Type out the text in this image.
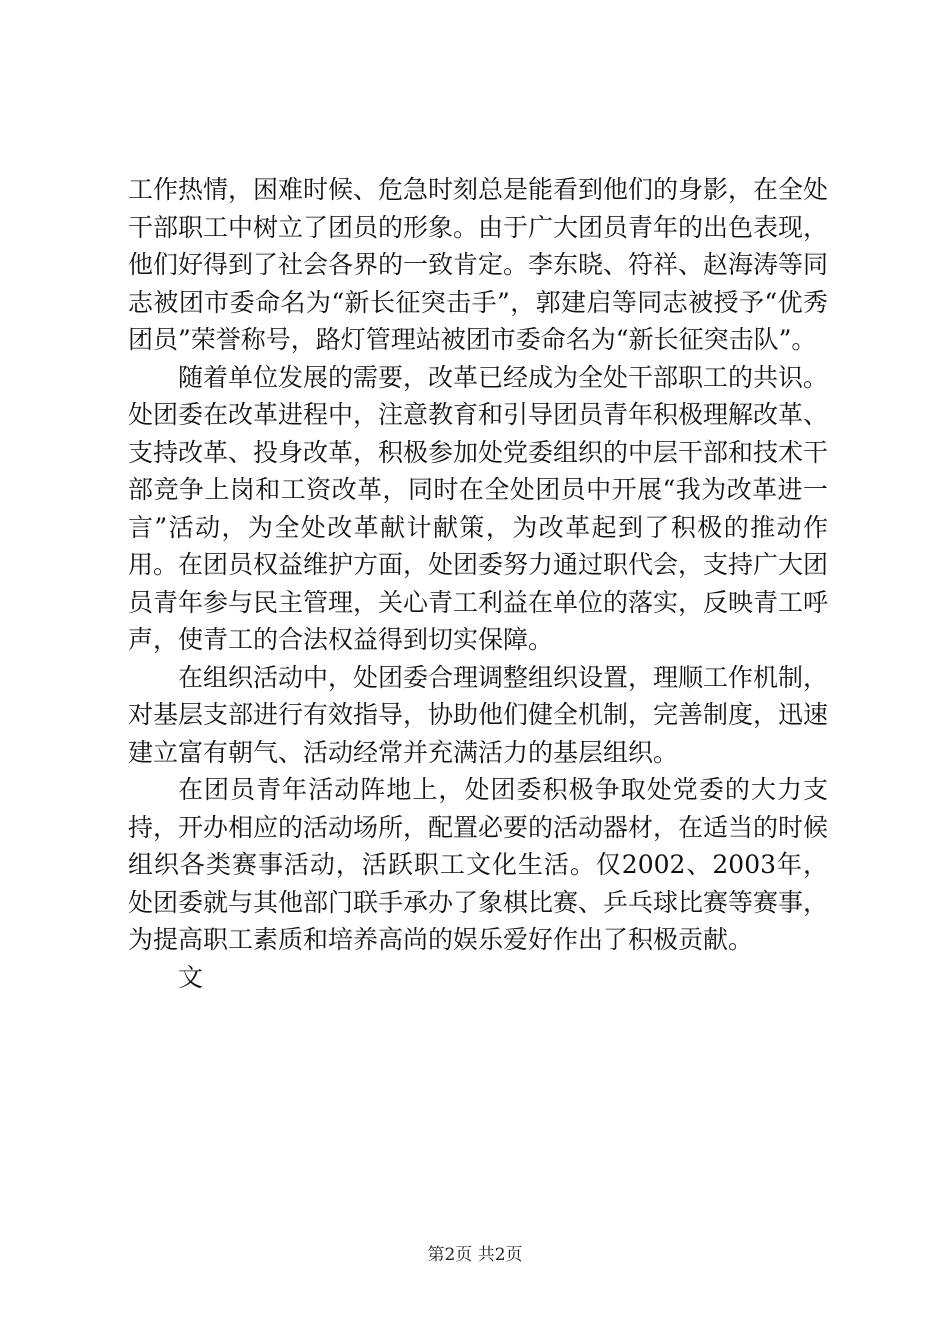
工作热情，困难时候、危急时刻总是能看到他们的身影，在全处干部职工中树立了团员的形象。由于广大团员青年的出色表现，他们好得到了社会各界的一致肯定。李东晓、符祥、赵海涛等同志被团市委命名为“新长征突击手”，郭建启等同志被授予“优秀团员”荣誉称号，路灯管理站被团市委命名为“新长征突击队”。

随着单位发展的需要，改革已经成为全处干部职工的共识。处团委在改革进程中，注意教育和引导团员青年积极理解改革、支持改革、投身改革，积极参加处党委组织的中层干部和技术干部竞争上岗和工资改革，同时在全处团员中开展“我为改革进一言”活动，为全处改革献计献策，为改革起到了积极的推动作用。在团员权益维护方面，处团委努力通过职代会，支持广大团员青年参与民主管理，关心青工利益在单位的落实，反映青工呼声，使青工的合法权益得到切实保障。

在组织活动中，处团委合理调整组织设置，理顺工作机制，对基层支部进行有效指导，协助他们健全机制，完善制度，迅速建立富有朝气、活动经常并充满活力的基层组织。

在团员青年活动阵地上，处团委积极争取处党委的大力支持，开办相应的活动场所，配置必要的活动器材，在适当的时候组织各类赛事活动，活跃职工文化生活。仅2002、2003年，处团委就与其他部门联手承办了象棋比赛、乒乓球比赛等赛事，为提高职工素质和培养高尚的娱乐爱好作出了积极贡献。

文

第2页 共2页
